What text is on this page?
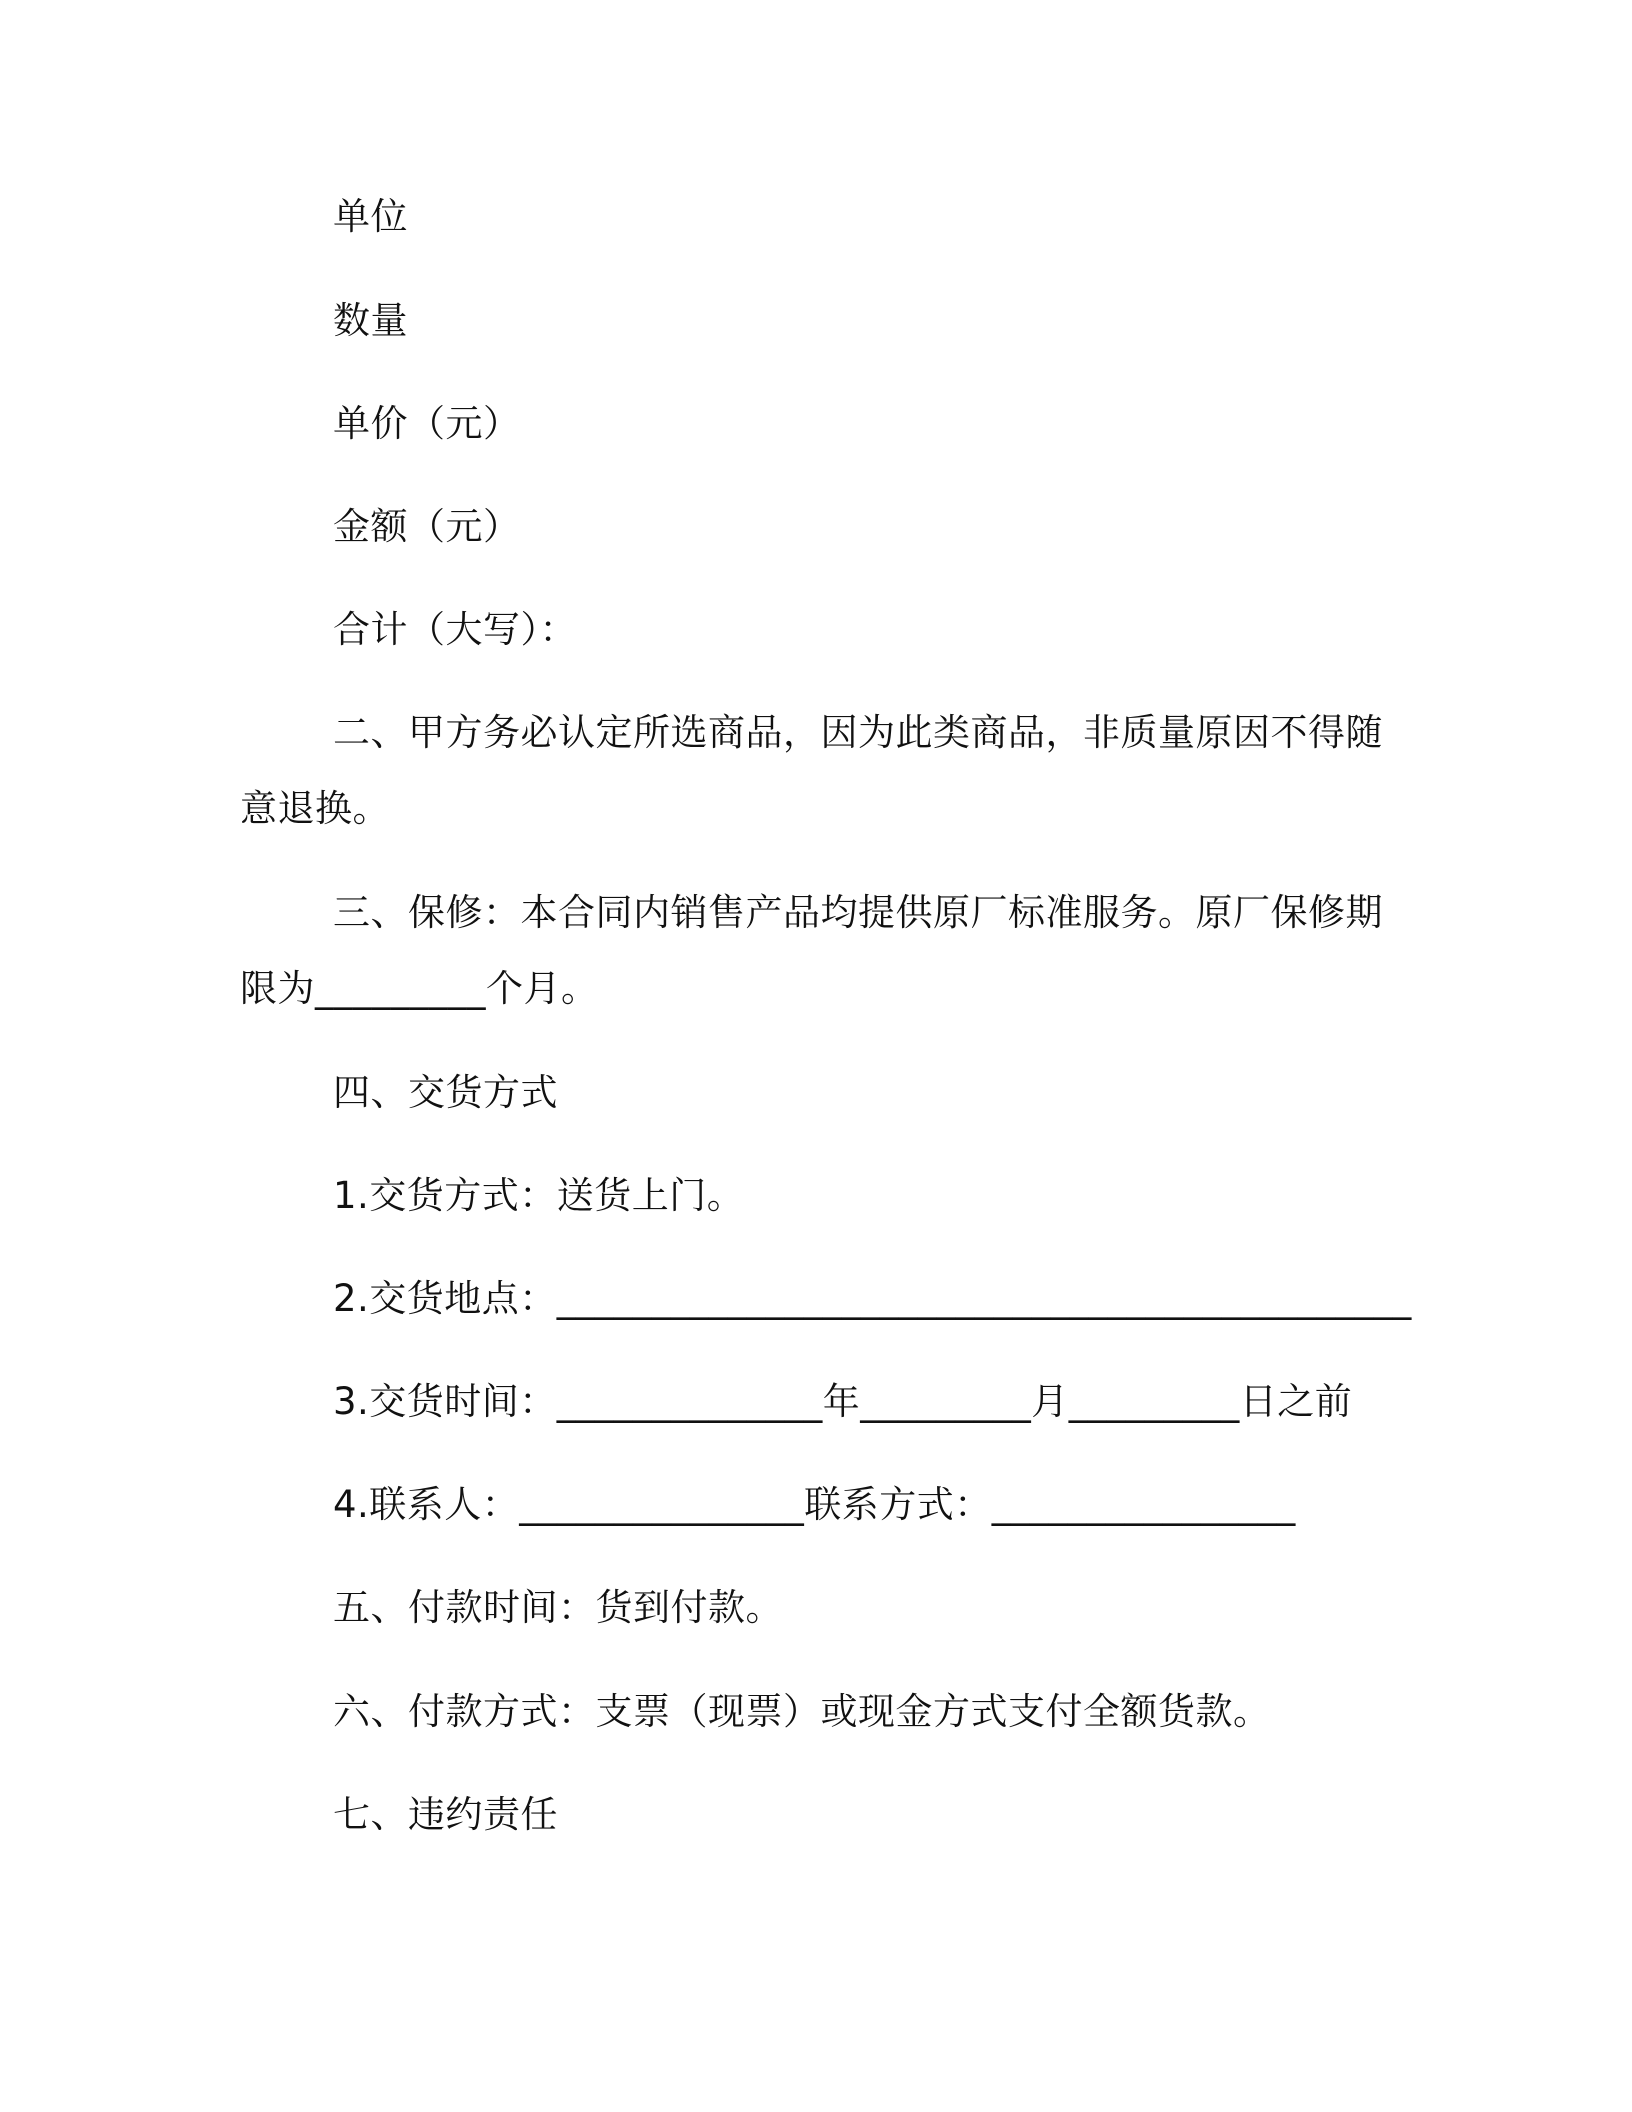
单位
数量
单价（元）
金额（元）
合计（大写）：
二、甲方务必认定所选商品，因为此类商品，非质量原因不得随
意退换。
三、保修：本合同内销售产品均提供原厂标准服务。原厂保修期
限为_________个月。
四、交货方式
1.交货方式：送货上门。
2.交货地点：_____________________________________________
3.交货时间：______________年_________月_________日之前
4.联系人：_______________联系方式：________________
五、付款时间：货到付款。
六、付款方式：支票（现票）或现金方式支付全额货款。
七、违约责任
